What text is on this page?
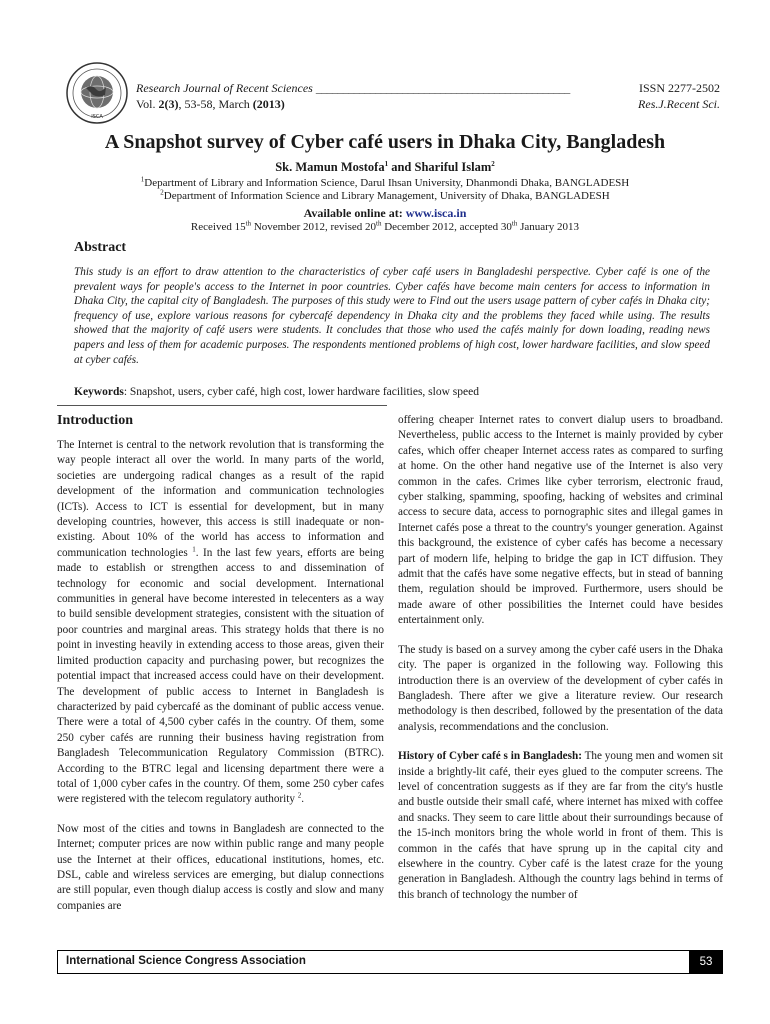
ISCA
Research Journal of Recent Sciences _______________________________________________
Vol. 2(3), 53-58, March (2013)
ISSN 2277-2502
Res.J.Recent Sci.
A Snapshot survey of Cyber café users in Dhaka City, Bangladesh
Sk. Mamun Mostofa$^1$ and Shariful Islam$^2$
$^1$Department of Library and Information Science, Darul Ihsan University, Dhanmondi Dhaka, BANGLADESH
$^2$Department of Information Science and Library Management, University of Dhaka, BANGLADESH
Available online at: www.isca.in
Received 15th November 2012, revised 20th December 2012, accepted 30th January 2013
Abstract
This study is an effort to draw attention to the characteristics of cyber café users in Bangladeshi perspective. Cyber café is one of the prevalent ways for people's access to the Internet in poor countries. Cyber cafés have become main centers for access to information in Dhaka City, the capital city of Bangladesh. The purposes of this study were to Find out the users usage pattern of cyber cafés in Dhaka city; frequency of use, explore various reasons for cybercafé dependency in Dhaka city and the problems they faced while using. The results showed that the majority of café users were students. It concludes that those who used the cafés mainly for down loading, reading news papers and less of them for academic purposes. The respondents mentioned problems of high cost, lower hardware facilities, and slow speed at cyber cafés.
Keywords: Snapshot, users, cyber café, high cost, lower hardware facilities, slow speed
Introduction

The Internet is central to the network revolution that is transforming the way people interact all over the world. In many parts of the world, societies are undergoing radical changes as a result of the rapid development of the information and communication technologies (ICTs). Access to ICT is essential for development, but in many developing countries, however, this access is still inadequate or non-existing. About 10% of the world has access to information and communication technologies $^1$. In the last few years, efforts are being made to establish or strengthen access to and dissemination of technology for economic and social development. International communities in general have become interested in telecenters as a way to build sensible development strategies, consistent with the situation of poor countries and marginal areas. This strategy holds that there is no point in investing heavily in extending access to those areas, given their limited production capacity and purchasing power, but recognizes the potential impact that increased access could have on their development. The development of public access to Internet in Bangladesh is characterized by paid cybercafé as the dominant of public access venue. There were a total of 4,500 cyber cafés in the country. Of them, some 250 cyber cafés are running their business having registration from Bangladesh Telecommunication Regulatory Commission (BTRC). According to the BTRC legal and licensing department there were a total of 1,000 cyber cafes in the country. Of them, some 250 cyber cafes were registered with the telecom regulatory authority $^2$.

Now most of the cities and towns in Bangladesh are connected to the Internet; computer prices are now within public range and many people use the Internet at their offices, educational institutions, homes, etc. DSL, cable and wireless services are emerging, but dialup connections are still popular, even though dialup access is costly and slow and many companies are

offering cheaper Internet rates to convert dialup users to broadband. Nevertheless, public access to the Internet is mainly provided by cyber cafes, which offer cheaper Internet access rates as compared to surfing at home. On the other hand negative use of the Internet is also very common in the cafes. Crimes like cyber terrorism, electronic fraud, cyber stalking, spamming, spoofing, hacking of websites and criminal access to secure data, access to pornographic sites and illegal games in Internet cafés pose a threat to the country's younger generation. Against this background, the existence of cyber cafés has become a necessary part of modern life, helping to bridge the gap in ICT diffusion. They admit that the cafés have some negative effects, but in stead of banning them, regulation should be improved. Furthermore, users should be made aware of other possibilities the Internet could have besides entertainment only.

The study is based on a survey among the cyber café users in the Dhaka city. The paper is organized in the following way. Following this introduction there is an overview of the development of cyber cafés in Bangladesh. There after we give a literature review. Our research methodology is then described, followed by the presentation of the data analysis, recommendations and the conclusion.

History of Cyber café s in Bangladesh: The young men and women sit inside a brightly-lit café, their eyes glued to the computer screens. The level of concentration suggests as if they are far from the city's hustle and bustle outside their small café, where internet has mixed with coffee and snacks. They seem to care little about their surroundings because of the 15-inch monitors bring the whole world in front of them. This is common in the cafés that have sprung up in the capital city and elsewhere in the country. Cyber café is the latest craze for the young generation in Bangladesh. Although the country lags behind in terms of this branch of technology the number of

International Science Congress Association	53
